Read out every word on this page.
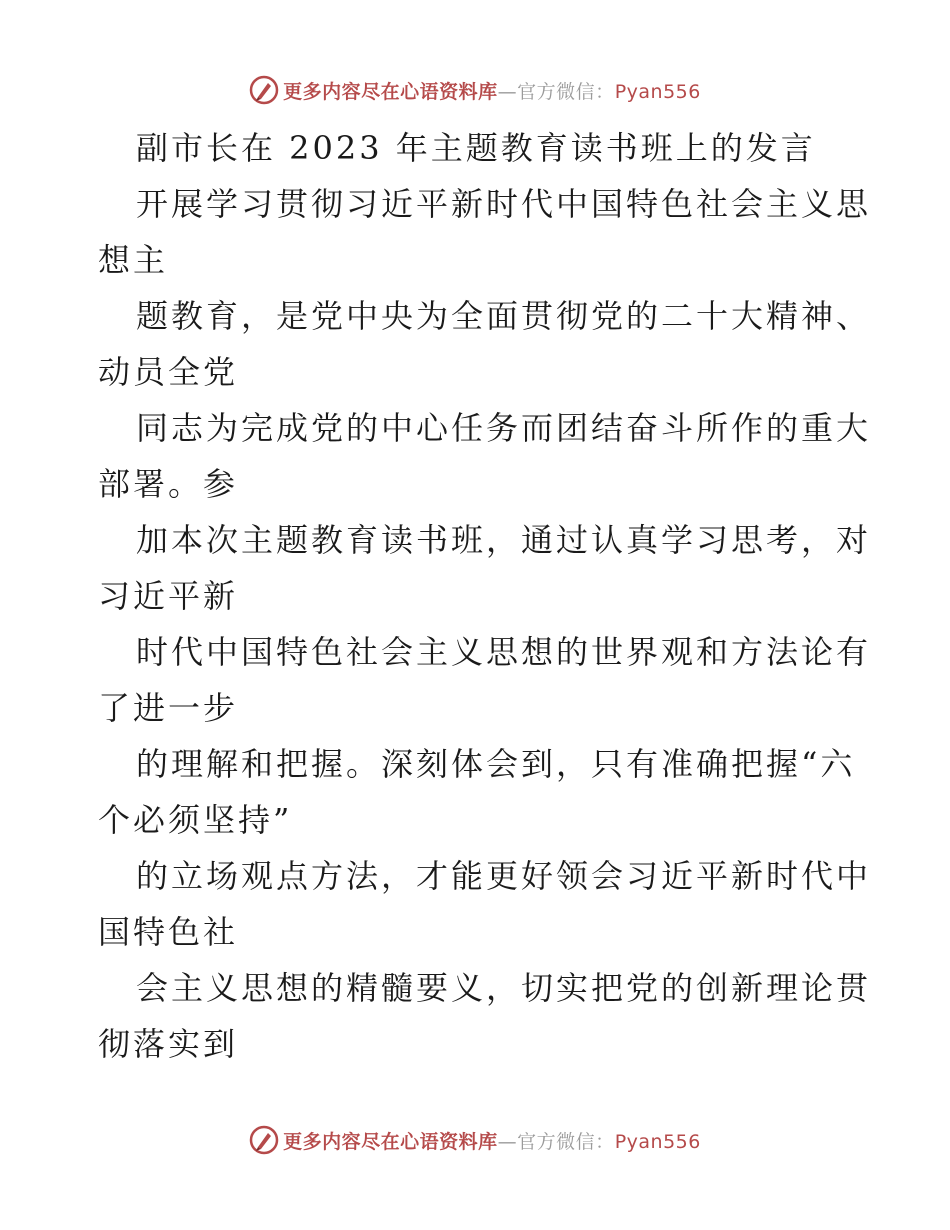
更多内容尽在心语资料库—官方微信：Pyan556
副市长在 2023 年主题教育读书班上的发言
开展学习贯彻习近平新时代中国特色社会主义思
想主
题教育，是党中央为全面贯彻党的二十大精神、
动员全党
同志为完成党的中心任务而团结奋斗所作的重大
部署。参
加本次主题教育读书班，通过认真学习思考，对
习近平新
时代中国特色社会主义思想的世界观和方法论有
了进一步
的理解和把握。深刻体会到，只有准确把握“六
个必须坚持”
的立场观点方法，才能更好领会习近平新时代中
国特色社
会主义思想的精髓要义，切实把党的创新理论贯
彻落实到
更多内容尽在心语资料库—官方微信：Pyan556
